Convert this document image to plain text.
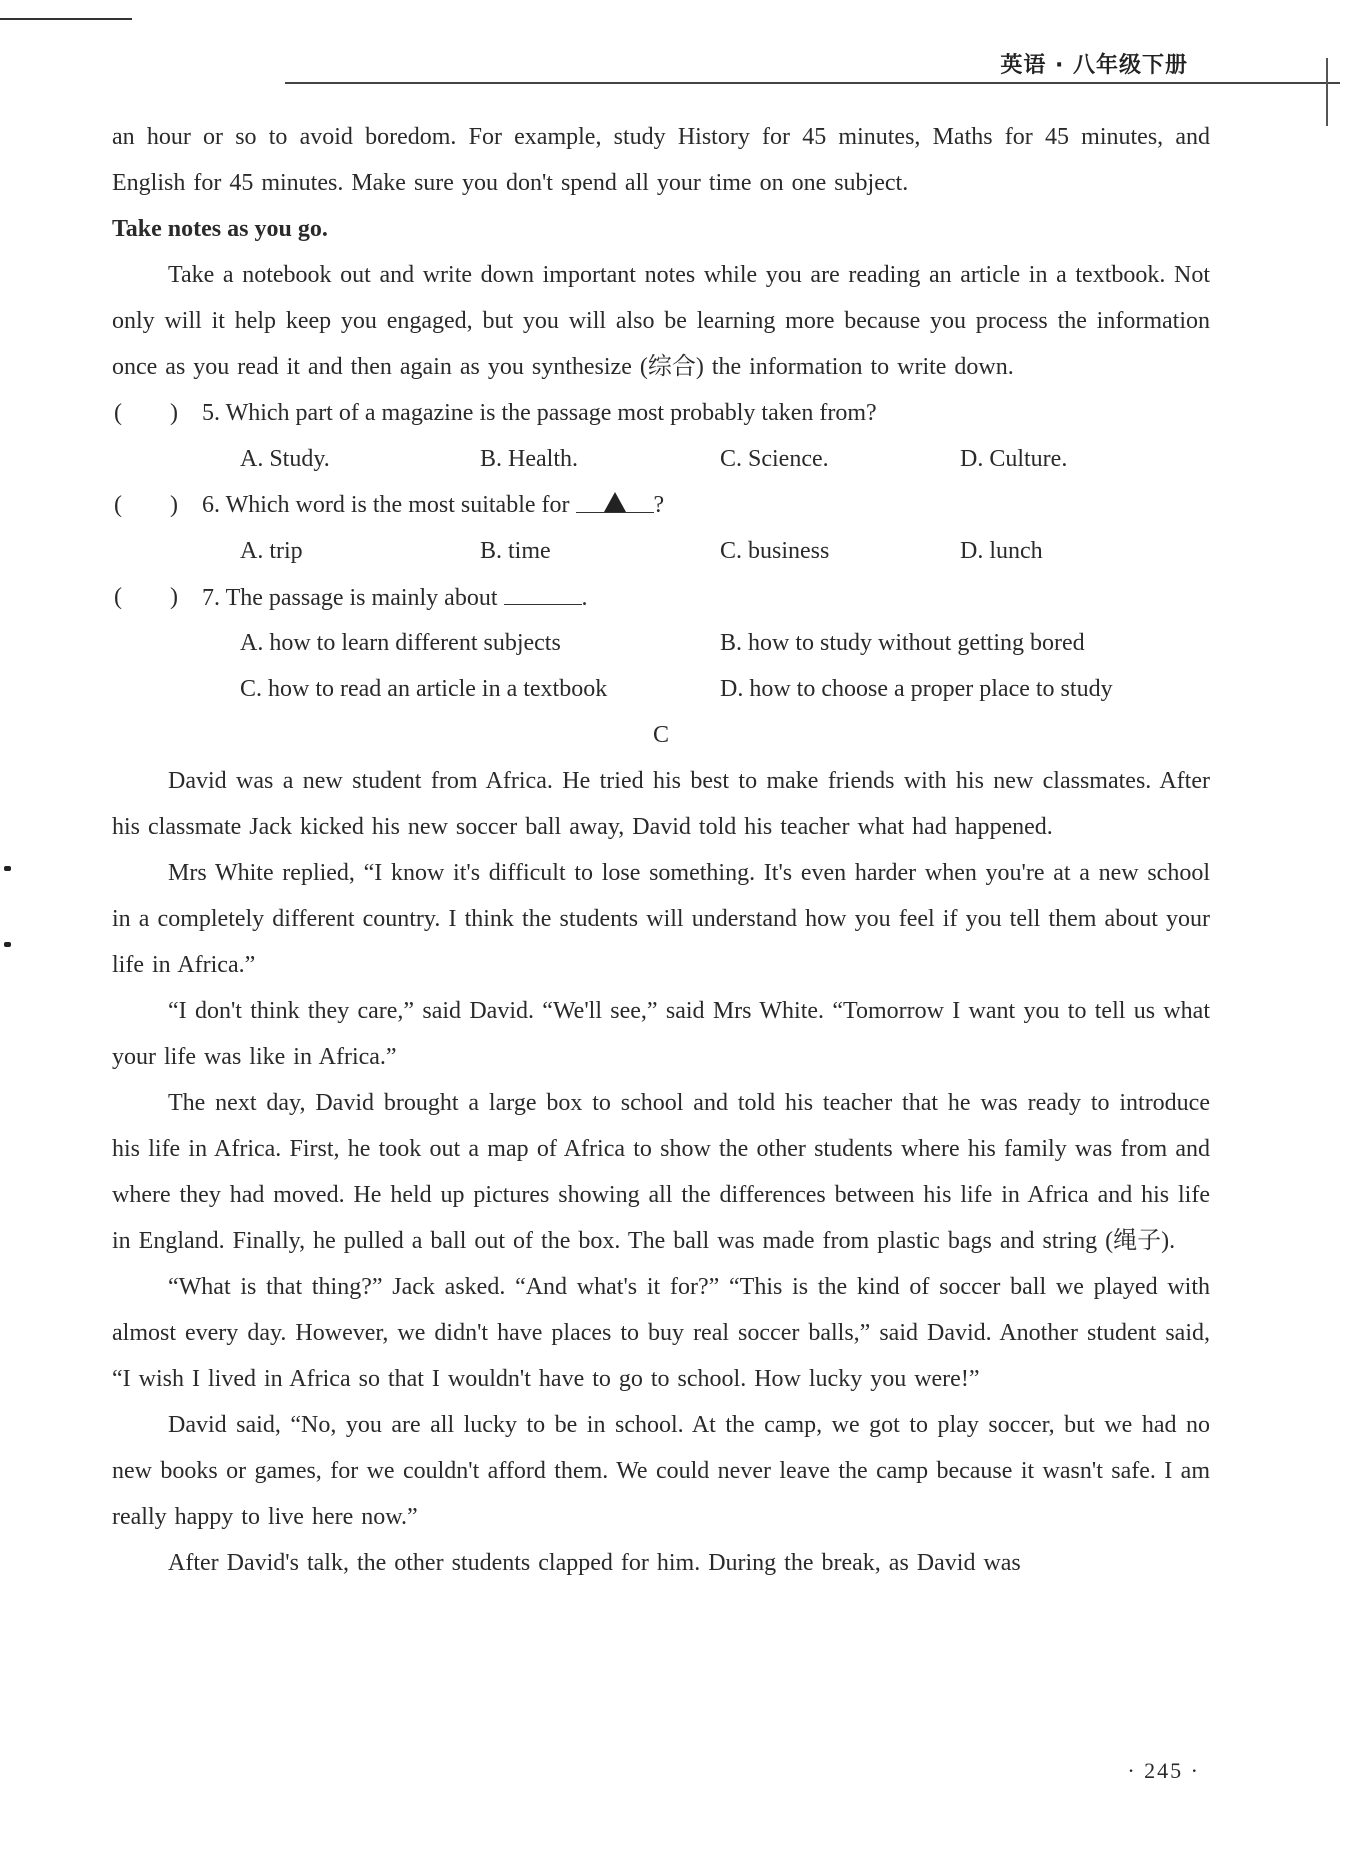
英语 · 八年级下册

an hour or so to avoid boredom. For example, study History for 45 minutes, Maths for 45 minutes, and English for 45 minutes. Make sure you don't spend all your time on one subject.

Take notes as you go.

Take a notebook out and write down important notes while you are reading an article in a textbook. Not only will it help keep you engaged, but you will also be learning more because you process the information once as you read it and then again as you synthesize (综合) the information to write down.

(　　) 5. Which part of a magazine is the passage most probably taken from?
A. Study.	B. Health.	C. Science.	D. Culture.
(　　) 6. Which word is the most suitable for	?
A. trip	B. time	C. business	D. lunch
(　　) 7. The passage is mainly about	.
A. how to learn different subjects	B. how to study without getting bored
C. how to read an article in a textbook	D. how to choose a proper place to study

C

David was a new student from Africa. He tried his best to make friends with his new classmates. After his classmate Jack kicked his new soccer ball away, David told his teacher what had happened.

Mrs White replied, “I know it's difficult to lose something. It's even harder when you're at a new school in a completely different country. I think the students will understand how you feel if you tell them about your life in Africa.”

“I don't think they care,” said David. “We'll see,” said Mrs White. “Tomorrow I want you to tell us what your life was like in Africa.”

The next day, David brought a large box to school and told his teacher that he was ready to introduce his life in Africa. First, he took out a map of Africa to show the other students where his family was from and where they had moved. He held up pictures showing all the differences between his life in Africa and his life in England. Finally, he pulled a ball out of the box. The ball was made from plastic bags and string (绳子).

“What is that thing?” Jack asked. “And what's it for?” “This is the kind of soccer ball we played with almost every day. However, we didn't have places to buy real soccer balls,” said David. Another student said, “I wish I lived in Africa so that I wouldn't have to go to school. How lucky you were!”

David said, “No, you are all lucky to be in school. At the camp, we got to play soccer, but we had no new books or games, for we couldn't afford them. We could never leave the camp because it wasn't safe. I am really happy to live here now.”

After David's talk, the other students clapped for him. During the break, as David was

· 245 ·
